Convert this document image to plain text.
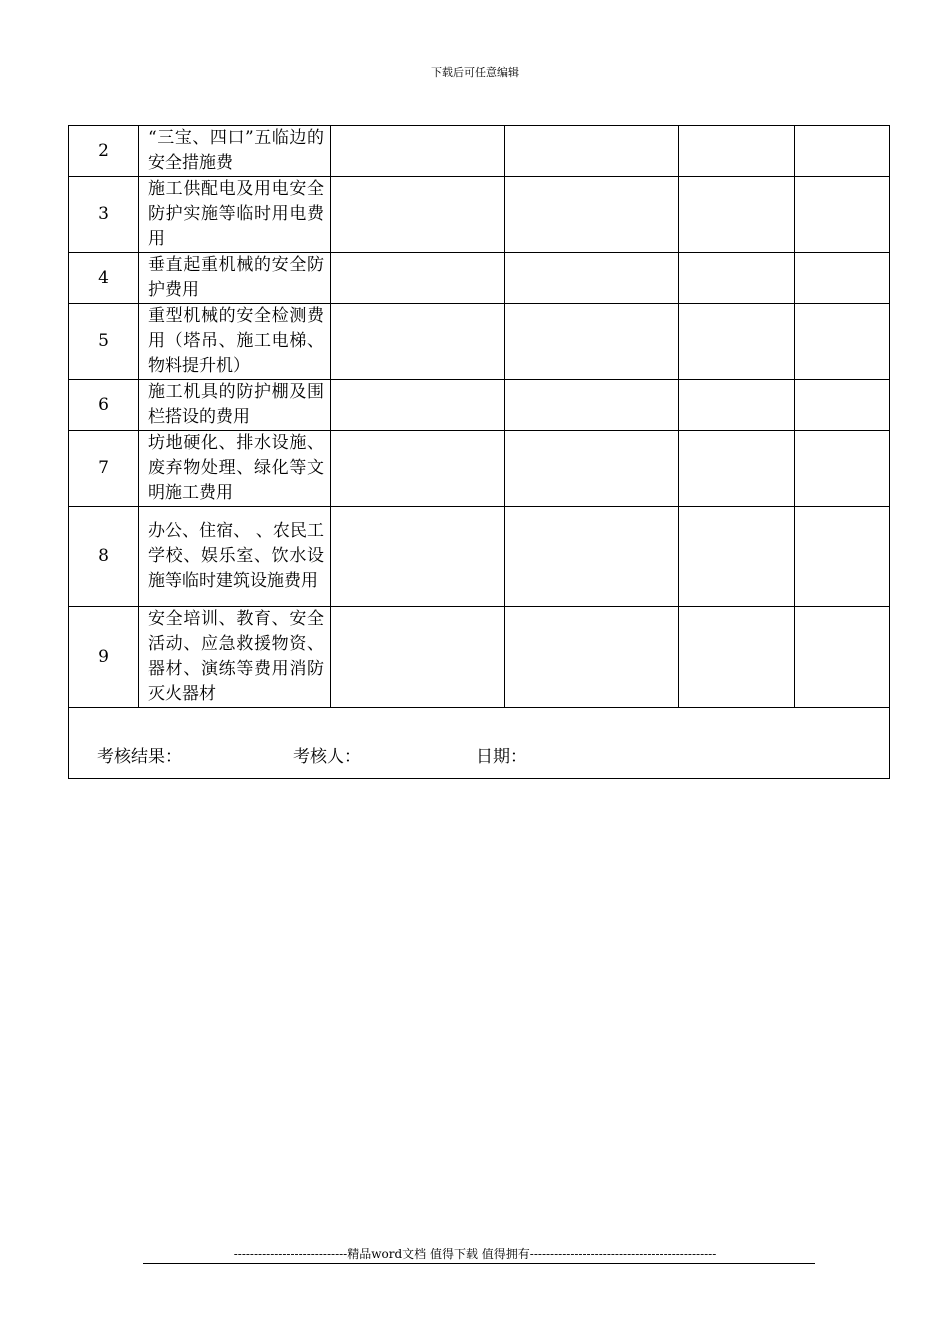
下载后可任意编辑
2	“三宝、四口”五临边的安全措施费				
3	施工供配电及用电安全防护实施等临时用电费用				
4	垂直起重机械的安全防护费用				
5	重型机械的安全检测费用（塔吊、施工电梯、物料提升机）				
6	施工机具的防护棚及围栏搭设的费用				
7	坊地硬化、排水设施、废弃物处理、绿化等文明施工费用				
8	办公、住宿、 、农民工学校、娱乐室、饮水设施等临时建筑设施费用				
9	安全培训、教育、安全活动、应急救援物资、器材、演练等费用消防灭火器材				

考核结果： 考核人： 日期：					
----------------------------精品word文档 值得下载 值得拥有----------------------------------------------
